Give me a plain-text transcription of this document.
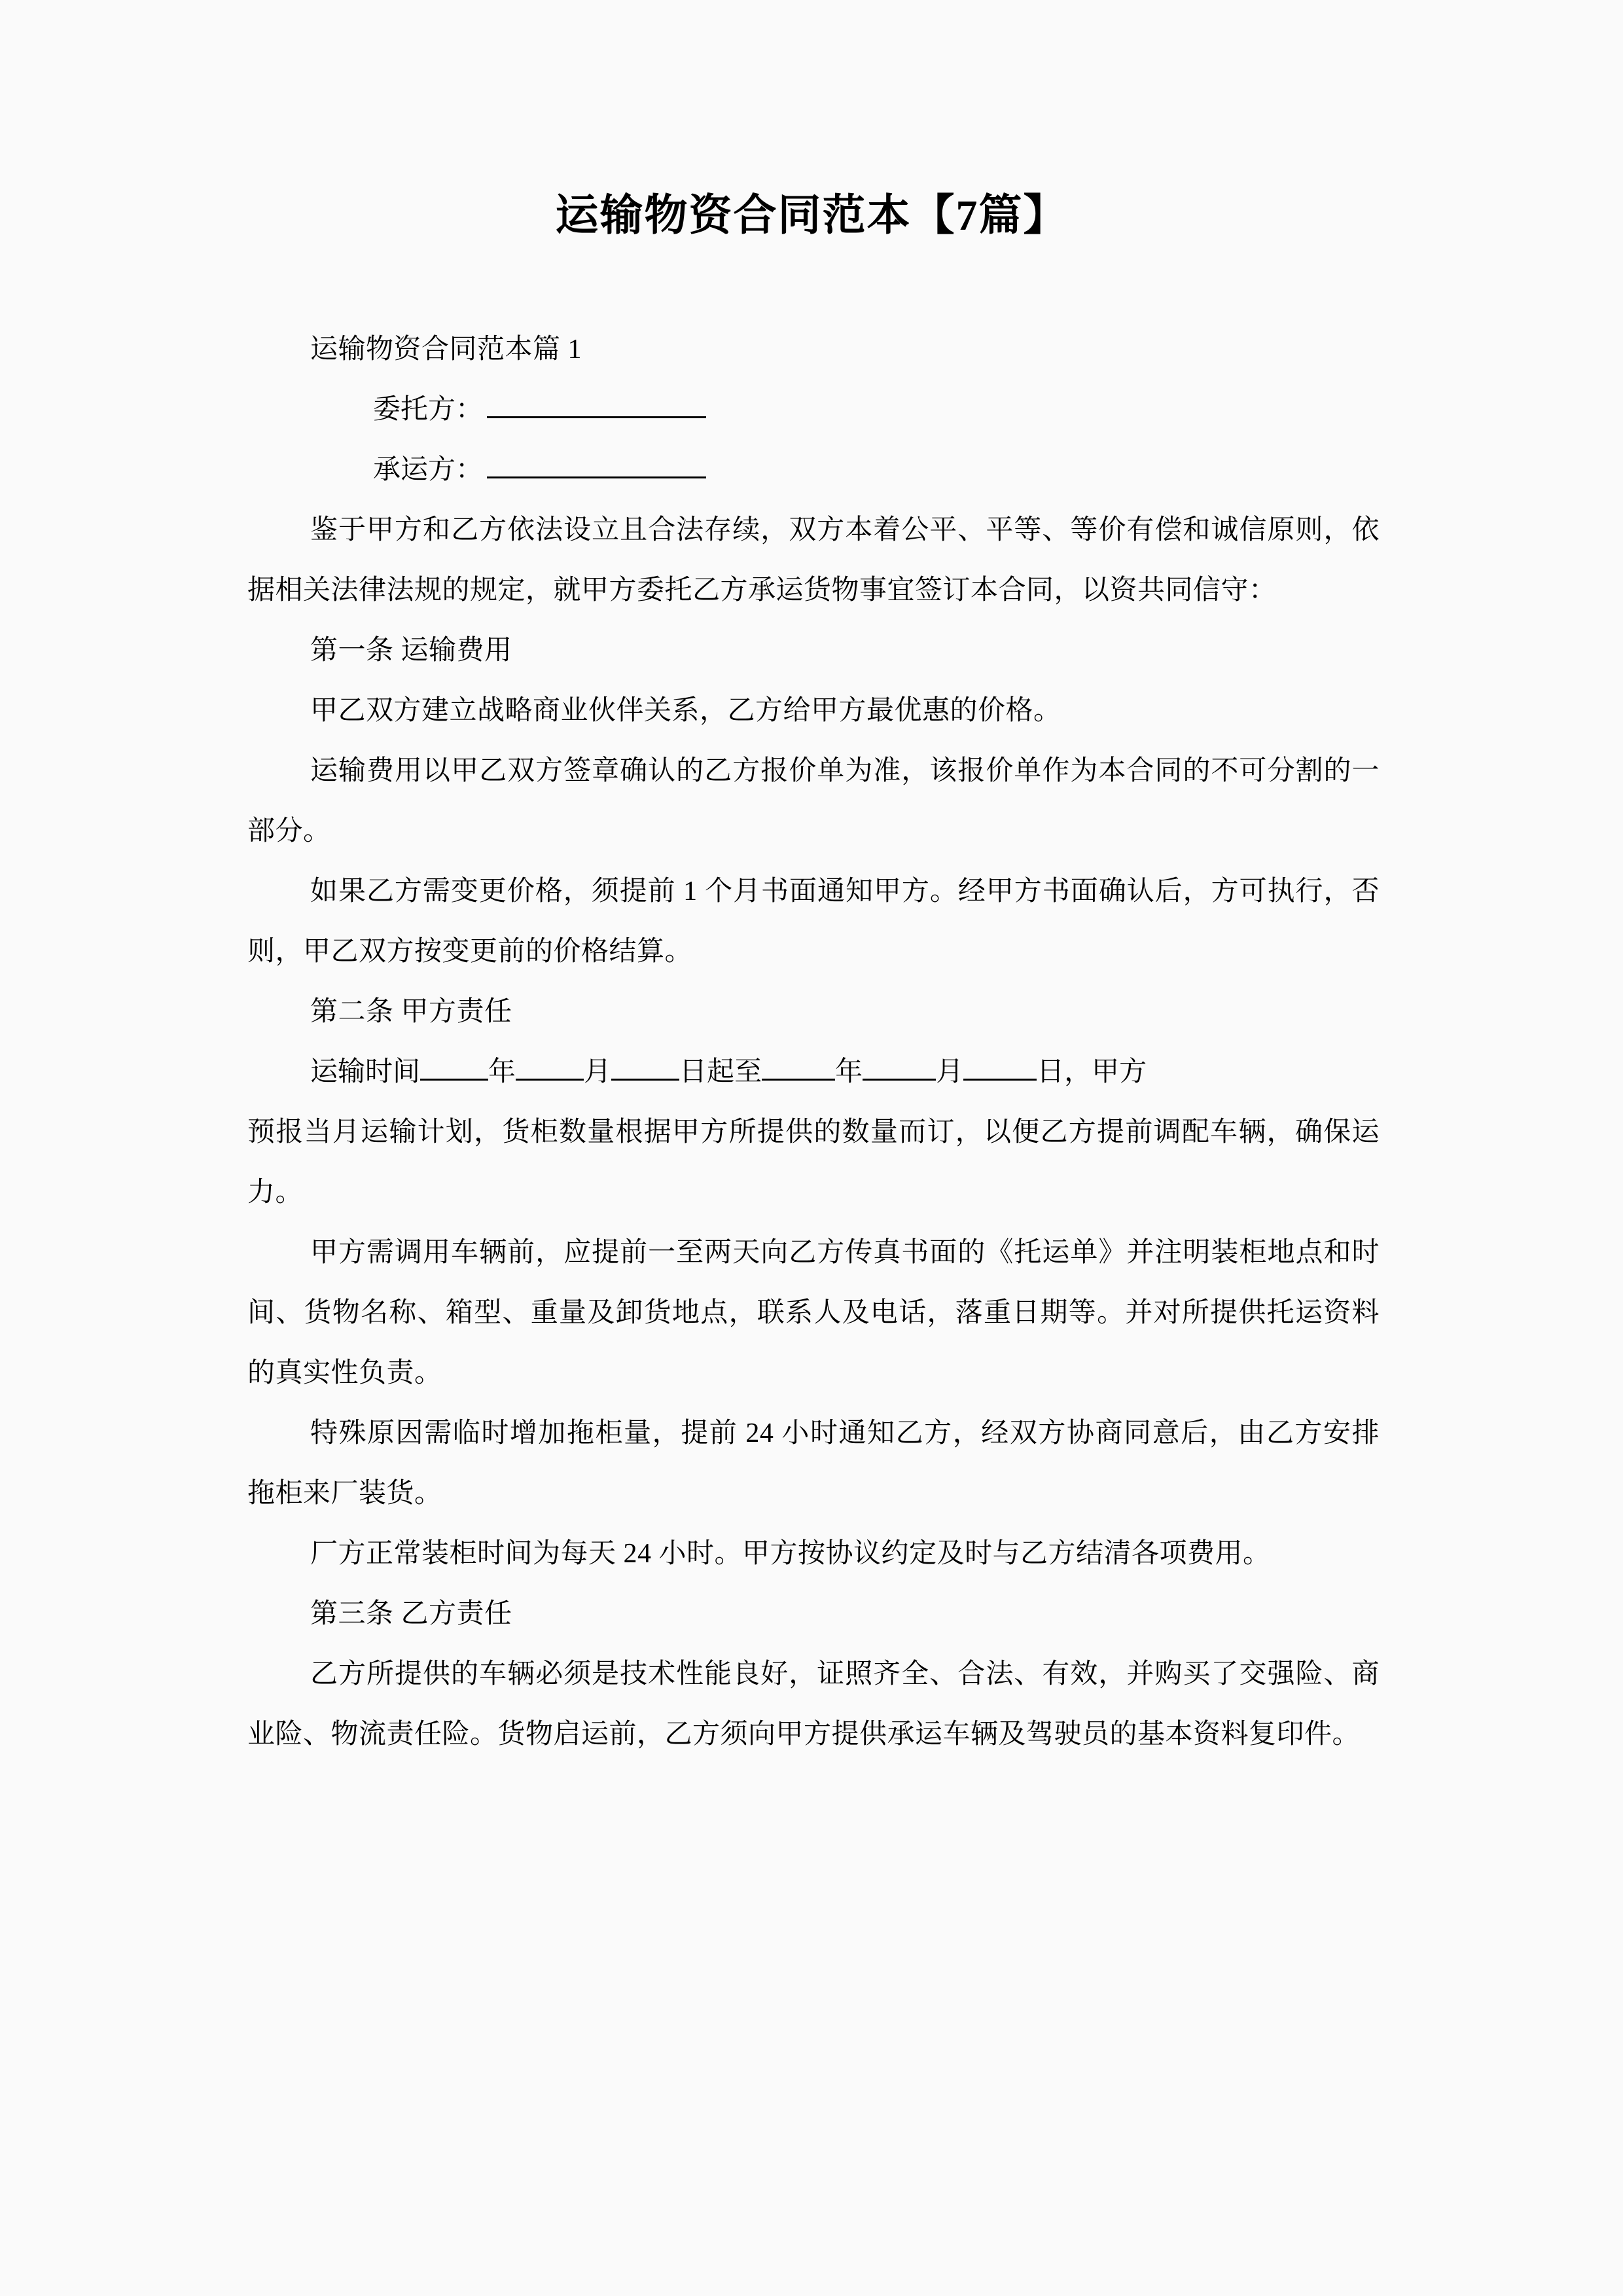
运输物资合同范本【7篇】

运输物资合同范本篇 1

委托方：
承运方：

鉴于甲方和乙方依法设立且合法存续，双方本着公平、平等、等价有偿和诚信原则，依据相关法律法规的规定，就甲方委托乙方承运货物事宜签订本合同，以资共同信守：

第一条 运输费用

甲乙双方建立战略商业伙伴关系，乙方给甲方最优惠的价格。

运输费用以甲乙双方签章确认的乙方报价单为准，该报价单作为本合同的不可分割的一部分。

如果乙方需变更价格，须提前 1 个月书面通知甲方。经甲方书面确认后，方可执行，否则，甲乙双方按变更前的价格结算。

第二条 甲方责任

运输时间 年 月 日起至	年	月	日，甲方

预报当月运输计划，货柜数量根据甲方所提供的数量而订，以便乙方提前调配车辆，确保运力。

甲方需调用车辆前，应提前一至两天向乙方传真书面的《托运单》并注明装柜地点和时间、货物名称、箱型、重量及卸货地点，联系人及电话，落重日期等。并对所提供托运资料的真实性负责。

特殊原因需临时增加拖柜量，提前 24 小时通知乙方，经双方协商同意后，由乙方安排拖柜来厂装货。

厂方正常装柜时间为每天 24 小时。甲方按协议约定及时与乙方结清各项费用。

第三条 乙方责任

乙方所提供的车辆必须是技术性能良好，证照齐全、合法、有效，并购买了交强险、商业险、物流责任险。货物启运前，乙方须向甲方提供承运车辆及驾驶员的基本资料复印件。
